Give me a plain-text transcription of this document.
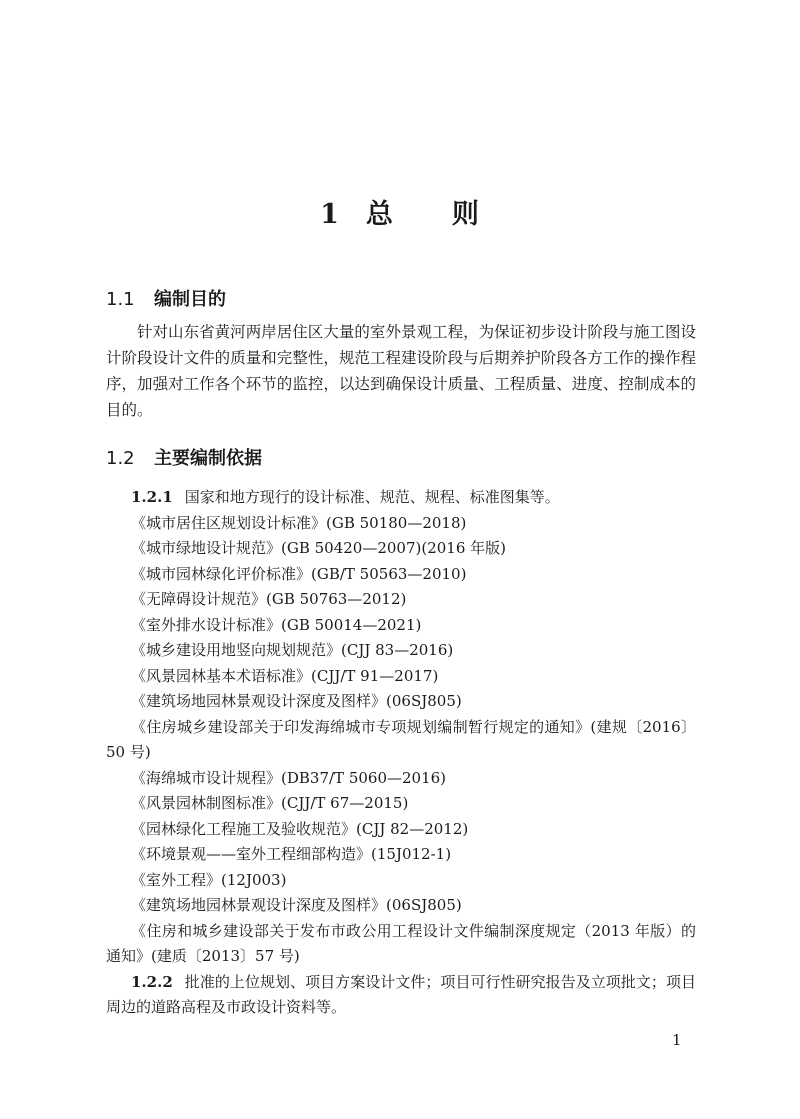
1 总 则
1.1 编制目的

针对山东省黄河两岸居住区大量的室外景观工程，为保证初步设计阶段与施工图设计阶段设计文件的质量和完整性，规范工程建设阶段与后期养护阶段各方工作的操作程序，加强对工作各个环节的监控，以达到确保设计质量、工程质量、进度、控制成本的目的。

1.2 主要编制依据
1.2.1 国家和地方现行的设计标准、规范、规程、标准图集等。
《城市居住区规划设计标准》(GB 50180—2018)
《城市绿地设计规范》(GB 50420—2007)(2016 年版)
《城市园林绿化评价标准》(GB/T 50563—2010)
《无障碍设计规范》(GB 50763—2012)
《室外排水设计标准》(GB 50014—2021)
《城乡建设用地竖向规划规范》(CJJ 83—2016)
《风景园林基本术语标准》(CJJ/T 91—2017)
《建筑场地园林景观设计深度及图样》(06SJ805)
《住房城乡建设部关于印发海绵城市专项规划编制暂行规定的通知》(建规〔2016〕50 号)
《海绵城市设计规程》(DB37/T 5060—2016)
《风景园林制图标准》(CJJ/T 67—2015)
《园林绿化工程施工及验收规范》(CJJ 82—2012)
《环境景观——室外工程细部构造》(15J012-1)
《室外工程》(12J003)
《建筑场地园林景观设计深度及图样》(06SJ805)
《住房和城乡建设部关于发布市政公用工程设计文件编制深度规定（2013 年版）的通知》(建质〔2013〕57 号)
1.2.2 批准的上位规划、项目方案设计文件；项目可行性研究报告及立项批文；项目周边的道路高程及市政设计资料等。
1
